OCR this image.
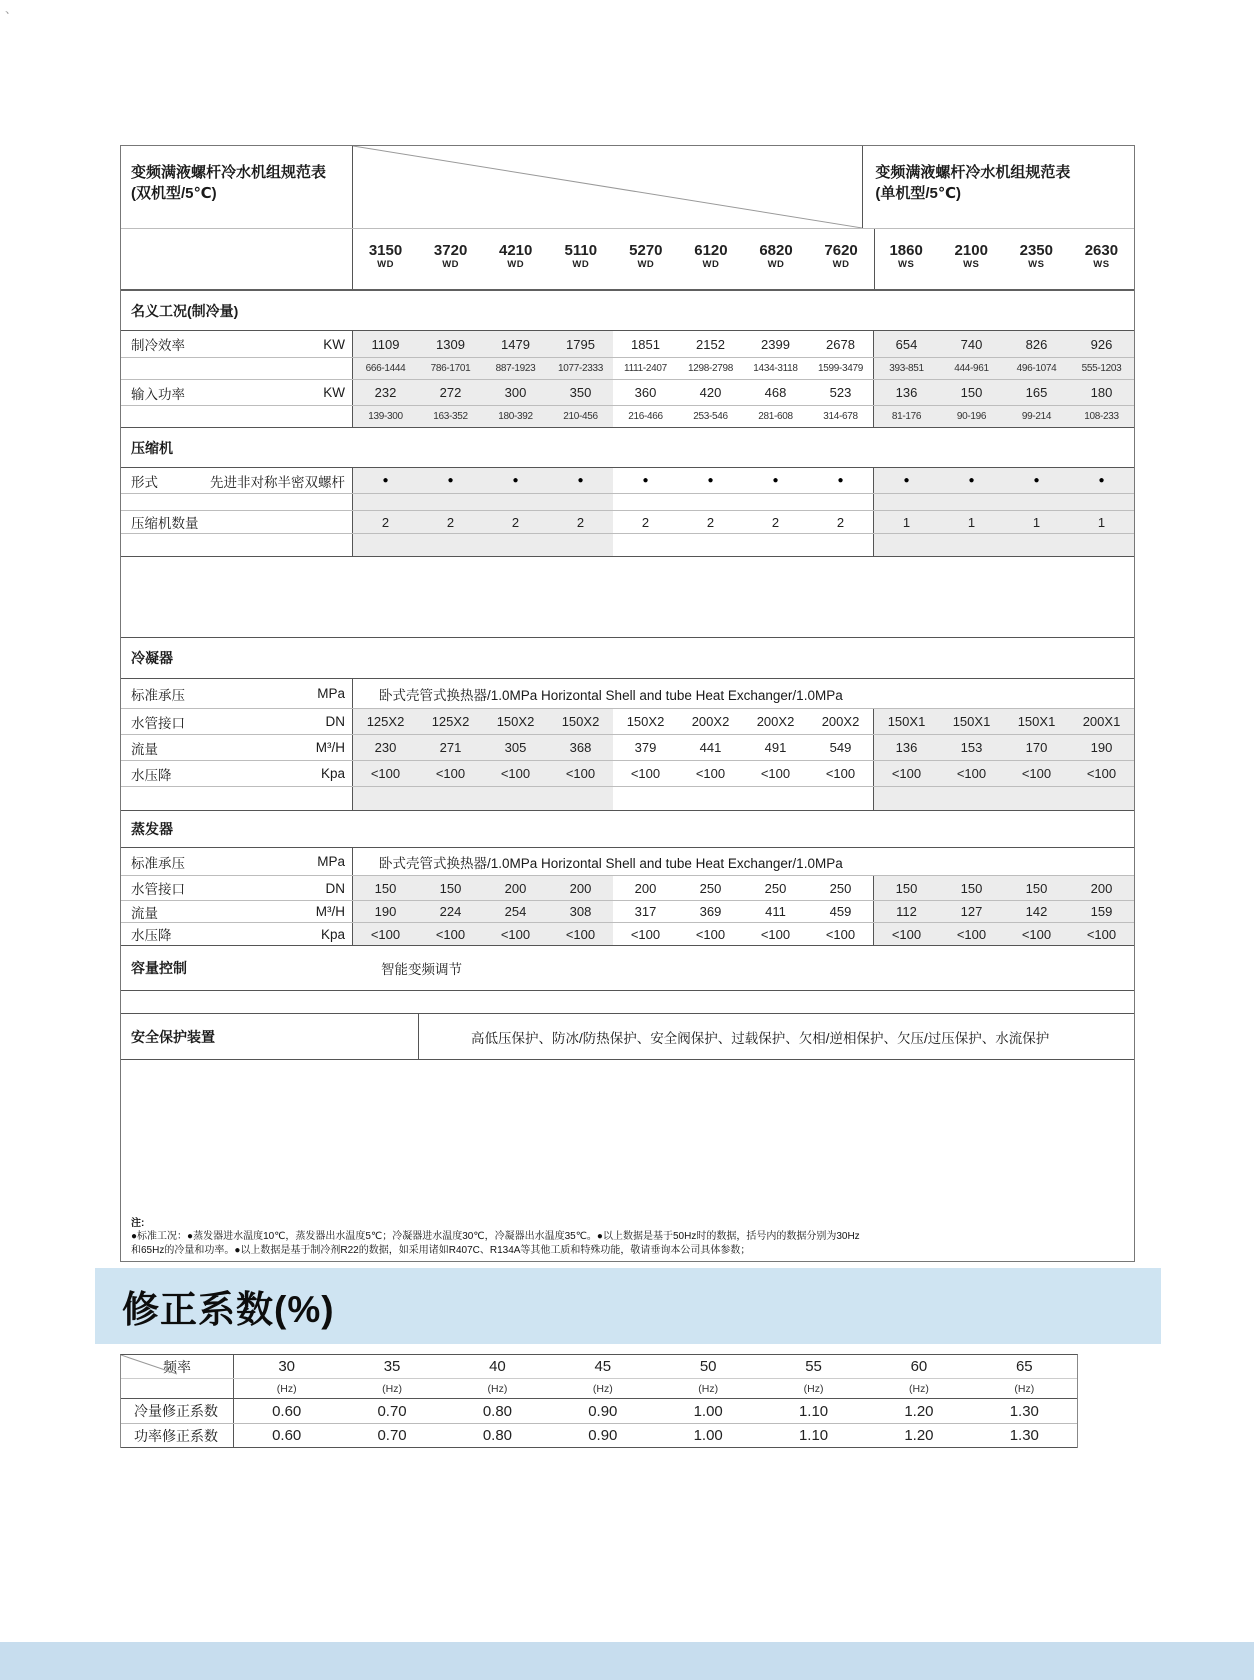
、
变频满液螺杆冷水机组规范表
(双机型/5℃)
变频满液螺杆冷水机组规范表
(单机型/5℃)
3150	3720	4210	5110	5270	6120	6820	7620	1860	2100	2350	2630
WD	WD	WD	WD	WD	WD	WD	WD	WS	WS	WS	WS
名义工况(制冷量)
制冷效率	KW	1109	1309	1479	1795	1851	2152	2399	2678	654	740	826	926
666-1444	786-1701	887-1923	1077-2333	1111-2407	1298-2798	1434-3118	1599-3479	393-851	444-961	496-1074	555-1203
输入功率	KW	232	272	300	350	360	420	468	523	136	150	165	180
139-300	163-352	180-392	210-456	216-466	253-546	281-608	314-678	81-176	90-196	99-214	108-233
压缩机
形式	先进非对称半密双螺杆	●	●	●	●	●	●	●	●	●	●	●	●
压缩机数量	2	2	2	2	2	2	2	2	1	1	1	1
冷凝器
标准承压	MPa	卧式壳管式换热器/1.0MPa Horizontal Shell and tube Heat Exchanger/1.0MPa
水管接口	DN	125X2	125X2	150X2	150X2	150X2	200X2	200X2	200X2	150X1	150X1	150X1	200X1
流量	M³/H	230	271	305	368	379	441	491	549	136	153	170	190
水压降	Kpa	<100	<100	<100	<100	<100	<100	<100	<100	<100	<100	<100	<100
蒸发器
标准承压	MPa	卧式壳管式换热器/1.0MPa Horizontal Shell and tube Heat Exchanger/1.0MPa
水管接口	DN	150	150	200	200	200	250	250	250	150	150	150	200
流量	M³/H	190	224	254	308	317	369	411	459	112	127	142	159
水压降	Kpa	<100	<100	<100	<100	<100	<100	<100	<100	<100	<100	<100	<100
容量控制	智能变频调节
安全保护装置	高低压保护、防冰/防热保护、安全阀保护、过载保护、欠相/逆相保护、欠压/过压保护、水流保护
注:
●标准工况：●蒸发器进水温度10℃，蒸发器出水温度5℃；冷凝器进水温度30℃，冷凝器出水温度35℃。●以上数据是基于50Hz时的数据，括号内的数据分别为30Hz
和65Hz的冷量和功率。●以上数据是基于制冷剂R22的数据，如采用诸如R407C、R134A等其他工质和特殊功能，敬请垂询本公司具体参数；
修正系数(%)
频率	30	35	40	45	50	55	60	65
(Hz)	(Hz)	(Hz)	(Hz)	(Hz)	(Hz)	(Hz)	(Hz)
冷量修正系数	0.60	0.70	0.80	0.90	1.00	1.10	1.20	1.30
功率修正系数	0.60	0.70	0.80	0.90	1.00	1.10	1.20	1.30
